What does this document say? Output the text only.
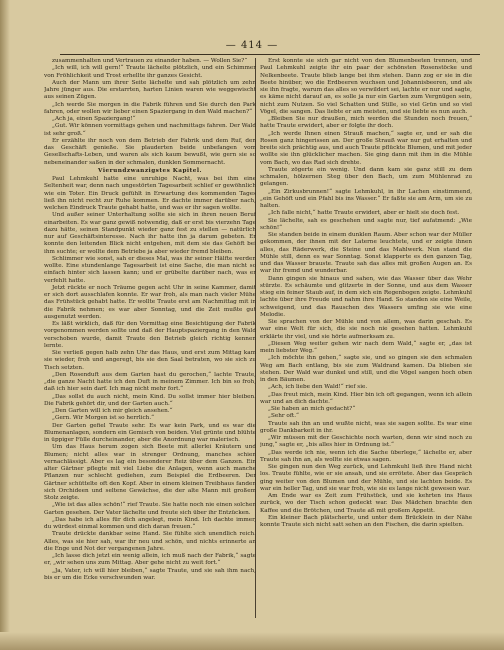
— 414 —

zusammenhalten und Vertrauen zu einander haben. — Wollen Sie?“

„Ich will, ich will gern!“ Traute lächelte plötzlich, und ein Schimmer von Fröhlichkeit und Trost erhellte ihr ganzes Gesicht.

Auch der Mann um ihrer Seite lächelte und sah plötzlich um zehn Jahre jünger aus. Die erstarrten, harten Linien waren wie weggewischt aus seinen Zügen.

„Ich werde Sie morgen in die Fabrik führen und Sie durch den Park fahren, oder wollen wir lieber einen Spaziergang in den Wald machen?“

„Ach ja, einen Spaziergang!“

„Gut. Wir können vormittags gehen und nachmittags fahren. Der Wald ist sehr groß.“

Er erzählte ihr noch von dem Betrieb der Fabrik und dem Ruf, den das Geschäft genieße. Sie plauderten beide unbefangen vom Gesellschafts-Leben, und waren als sich kaum bewußt, wie gern sie so nebeneinander saßen in der schmalen, dunklen Sommernacht.

Vierundzwanzigstes Kapitel.

Paul Lehmkuhl hatte eine unruhige Nacht, was bei ihm eine Seltenheit war, denn nach ungestörten Tagesarbeit schlief er gewöhnlich wie ein Toter. Ein Druck gefühlt in Erwartung des kommenden Tages ließ ihn nicht recht zur Ruhe kommen. Er dachte immer darüber nach, welchen Eindruck Traute gehabt hatte, und was er ihr sagen wollte.

Und außer seiner Unterhaltung sollte sie sich in ihren neuen Beruf einarbeiten. Es war ganz gewiß notwendig, daß er erst bis vierzehn Tage dazu hätte, seinen Standpunkt wieder ganz fest zu stellen — natürlich nur auf Geschäftsinteresse. Nach ihr hatte ihn ja darum gebeten. Er konnte den leitenden Blick nicht entgehen, mit dem sie das Gehöft bei ihm suchte; er wollte dem Betriebe ja aber wieder fremd bleiben.

Schlimmer wie sonst, sah er dieses Mal, was ihr seiner Hälfte werden wollte. Eine stundenlange Tagesarbeit ist eine Sache, die man nicht so einfach hinter sich lassen kann; und er grübelte darüber nach, was er verfehlt hatte.

Jetzt rückte er noch Träume gegen acht Uhr in seine Kammer, damit er sich dort ausschlafen konnte. Er war froh, als man nach vieler Mühe das Frühstück gehabt hatte. Er wollte Traute erst am Nachmittag mit in die Fabrik nehmen; es war aber Sonntag, und die Zeit mußte gut ausgenutzt werden.

Es läßt wirklich, daß für den Vormittag eine Besichtigung der Fabrik vorgenommen werden sollte und daß der Hauptspaziergang in den Wald verschoben wurde, damit Traute den Betrieb gleich richtig kennen lernte.

Sie verließ gegen halb zehn Uhr das Haus, und erst zum Mittag kam sie wieder, froh und angeregt, bis sie den Saal betraten, wo sie sich zu Tisch setzten.

„Den Rosenduft aus dem Garten hast du gerochen,“ lachte Traute, „die ganze Nacht hatte ich den Duft in meinem Zimmer. Ich bin so froh, daß ich hier sein darf. Ich mag nicht mehr fort.“

„Das sollst du auch nicht, mein Kind. Du sollst immer hier bleiben. Die Fabrik gehört dir, und der Garten auch.“

„Den Garten will ich mir gleich ansehen.“

„Gern. Wir Morgen ist so herrlich.“

Der Garten gefiel Traute sehr. Es war kein Park, und es war die Blumenanlagen, sondern ein Gemisch von beiden. Viel grünte und blühte in üppiger Fülle durcheinander, aber die Anordnung war malerisch.

Um das Haus herum zogen sich Beete mit allerlei Kräutern und Blumen; nicht alles war in strenger Ordnung, manches schien vernachlässigt. Aber es lag ein besonderer Reiz über dem Ganzen. Ein alter Gärtner pflegte mit viel Liebe die Anlagen, wenn auch manche Pflanzen nur schlecht gediehen, zum Beispiel die Erdbeeren. Der Gärtner schüttelte oft den Kopf. Aber in einem kleinen Treibhaus fanden sich Orchideen und seltene Gewächse, die der alte Mann mit großem Stolz zeigte.

„Wie ist das alles schön!“ rief Traute. Sie hatte noch nie einen solchen Garten gesehen. Der Vater lächelte und freute sich über ihr Entzücken.

„Das habe ich alles für dich angelegt, mein Kind. Ich dachte immer, du würdest einmal kommen und dich daran freuen.“

Traute drückte dankbar seine Hand. Sie fühlte sich unendlich reich. Alles, was sie hier sah, war ihr neu und schön, und nichts erinnerte an die Enge und Not der vergangenen Jahre.

„Ich lasse dich jetzt ein wenig allein, ich muß nach der Fabrik,“ sagte er, „wir sehen uns zum Mittag. Aber gehe nicht zu weit fort.“

„Ja, Vater, ich will hier bleiben,“ sagte Traute, und sie sah ihm nach, bis er um die Ecke verschwunden war.

Erst konnte sie sich gar nicht von den Blumenbeeten trennen, und Paul Lehmkuhl zeigte ihr ein paar der schönsten Rosenstöcke und Nelkenbeete. Traute blieb lange bei ihm stehen. Dann zog er sie in die Beete hinüber, wo die Erdbeeren wuchsen und Johannisbeeren, und als sie ihn fragte, warum das alles so verwildert sei, lachte er nur und sagte, es käme nicht darauf an, es solle ja nur ein Garten zum Vergnügen sein, nicht zum Nutzen. So viel Schatten und Stille, so viel Grün und so viel Vögel, die sangen. Das liebte er am meisten, und sie liebte es nun auch.

„Bleiben Sie nur draußen, mich werden die Stunden noch freuen,“ hatte Traute erwidert, aber er folgte ihr doch.

„Ich werde Ihnen einen Strauß machen,“ sagte er, und er sah die Rosen ganz hingerissen an. Der große Strauß war nur gut erhalten und breite sich prächtig aus, und auch Traute pflückte Blumen, und mit jeder wollte sie ihn glücklicher machen. Sie ging dann mit ihm in die Mühle vom Bach, wo das Rad sich drehte.

Traute zögerte ein wenig. Und dann kam sie ganz still zu dem schmalen, hölzernen Steg über den Bach, um zum Mühlenrad zu gelangen.

„Ein Zirkusbrunnen!“ sagte Lehmkuhl, in ihr Lachen einstimmend, „ein Gehöft und ein Pfahl bis ins Wasser.“ Er faßte sie am Arm, um sie zu halten.

„Ich falle nicht,“ hatte Traute erwidert, aber er hielt sie doch fest.

Sie lächelte, sah es geschehen und sagte nur, tief aufatmend: „Wie schön!“

Sie standen beide in einem dunklen Raum. Aber schon war der Müller gekommen, der ihnen mit der Laterne leuchtete, und er zeigte ihnen alles, das Räderwerk, die Steine und das Mahlwerk. Nun stand die Mühle still, denn es war Sonntag. Sonst klapperte es den ganzen Tag, und das Wasser brauste. Traute sah das alles mit großen Augen an. Es war ihr fremd und wunderbar.

Dann gingen sie hinaus und sahen, wie das Wasser über das Wehr stürzte. Es schäumte und glitzerte in der Sonne, und aus dem Wasser stieg ein feiner Staub auf, in dem sich ein Regenbogen zeigte. Lehmkuhl lachte über ihre Freude und nahm ihre Hand. So standen sie eine Weile, schweigend, und das Rauschen des Wassers umfing sie wie eine Melodie.

Sie sprachen von der Mühle und von allem, was darin geschah. Es war eine Welt für sich, die sie noch nie gesehen hatten. Lehmkuhl erklärte ihr viel, und sie hörte aufmerksam zu.

„Diesen Weg weiter gehen wir nach dem Wald,“ sagte er, „das ist mein liebster Weg.“

„Ich möchte ihn gehen,“ sagte sie, und so gingen sie den schmalen Weg am Bach entlang, bis sie zum Waldrand kamen. Da blieben sie stehen. Der Wald war dunkel und still, und die Vögel sangen hoch oben in den Bäumen.

„Ach, ich liebe den Wald!“ rief sie.

„Das freut mich, mein Kind. Hier bin ich oft gegangen, wenn ich allein war und an dich dachte.“

„Sie haben an mich gedacht?“

„Sehr oft.“

Traute sah ihn an und wußte nicht, was sie sagen sollte. Es war eine große Dankbarkeit in ihr.

„Wir müssen mit der Geschichte noch warten, denn wir sind noch zu jung,“ sagte er, „bis alles hier in Ordnung ist.“

„Das werde ich nie, wenn ich die Sache überlege,“ lächelte er, aber Traute sah ihn an, als wollte sie etwas sagen.

Sie gingen nun den Weg zurück, und Lehmkuhl ließ ihre Hand nicht los. Traute fühlte, wie er sie ansah, und sie errötete. Aber das Gespräch ging weiter von den Blumen und der Mühle, und sie lachten beide. Es war ein heller Tag, und sie war froh, wie sie es lange nicht gewesen war.

Am Ende war es Zeit zum Frühstück, und sie kehrten ins Haus zurück, wo der Tisch schon gedeckt war. Das Mädchen brachte den Kaffee und die Brötchen, und Traute aß mit großem Appetit.

Ein kleiner Bach plätscherte, und unter dem Brücklein in der Nähe konnte Traute sich nicht satt sehen an den Fischen, die darin spielten.
